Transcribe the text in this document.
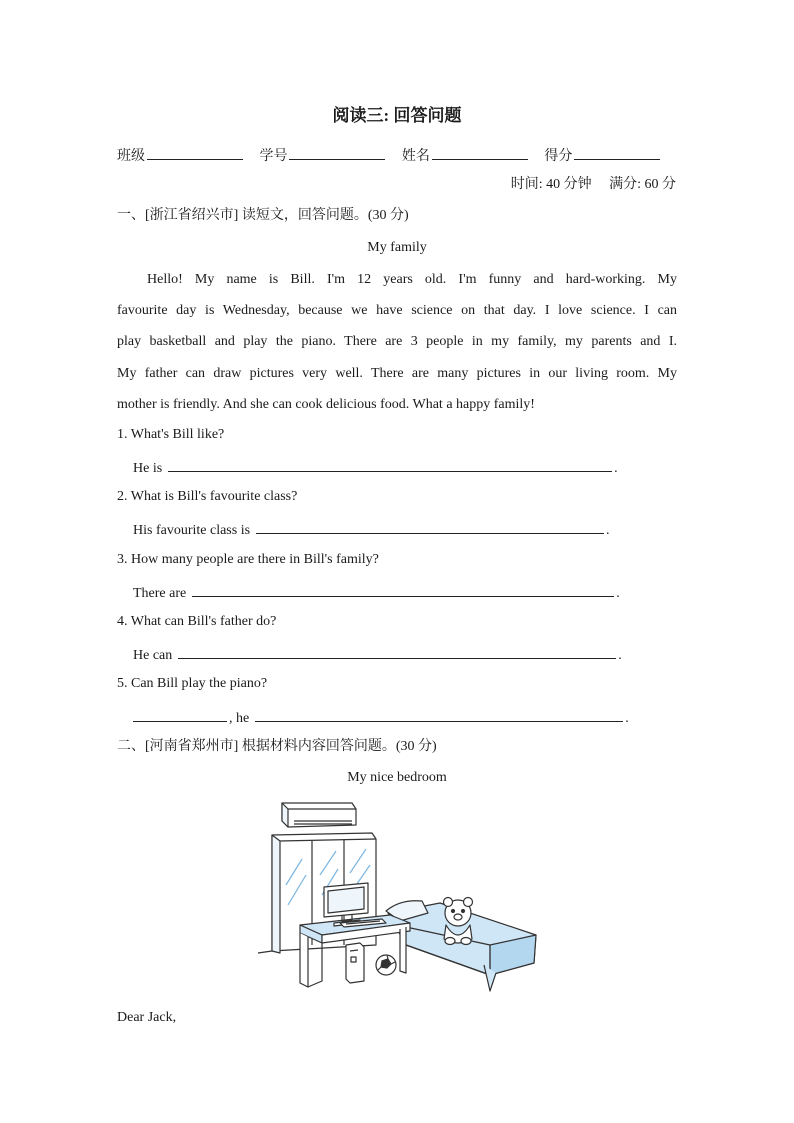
阅读三: 回答问题
班级	学号	姓名	得分
时间: 40 分钟 满分: 60 分
一、[浙江省绍兴市] 读短文，回答问题。(30 分)
My family
Hello! My name is Bill. I'm 12 years old. I'm funny and hard-working. My
favourite day is Wednesday, because we have science on that day. I love science. I can
play basketball and play the piano. There are 3 people in my family, my parents and I.
My father can draw pictures very well. There are many pictures in our living room. My
mother is friendly. And she can cook delicious food. What a happy family!
1. What's Bill like?
He is	.
2. What is Bill's favourite class?
His favourite class is	.
3. How many people are there in Bill's family?
There are	.
4. What can Bill's father do?
He can	.
5. Can Bill play the piano?
, he	.
二、[河南省郑州市] 根据材料内容回答问题。(30 分)
My nice bedroom
Dear Jack,
